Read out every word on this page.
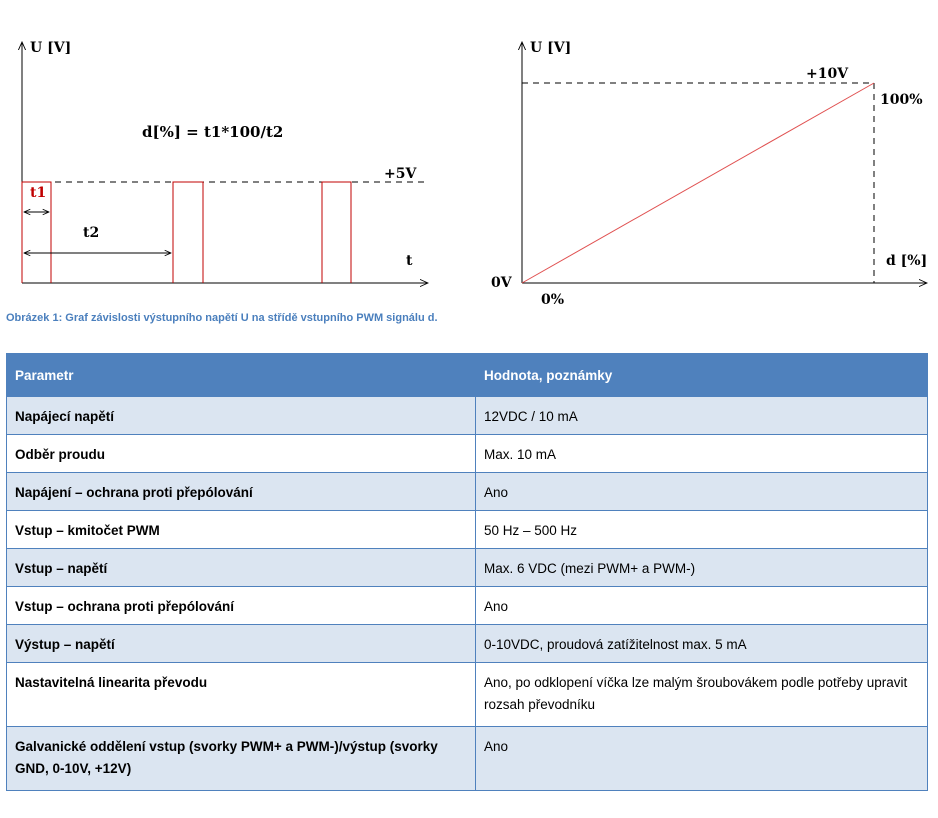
U [V]
t
d[%] = t1*100/t2
+5V
t1
t2
U [V]
d [%]
+10V
100%
0V
0%
Obrázek 1: Graf závislosti výstupního napětí U na střídě vstupního PWM signálu d.
Parametr	Hodnota, poznámky
Napájecí napětí	12VDC / 10 mA
Odběr proudu	Max. 10 mA
Napájení – ochrana proti přepólování	Ano
Vstup – kmitočet PWM	50 Hz – 500 Hz
Vstup – napětí	Max. 6 VDC (mezi PWM+ a PWM-)
Vstup – ochrana proti přepólování	Ano
Výstup – napětí	0-10VDC, proudová zatížitelnost max. 5 mA
Nastavitelná linearita převodu	Ano, po odklopení víčka lze malým šroubovákem podle potřeby upravit rozsah převodníku
Galvanické oddělení vstup (svorky PWM+ a PWM-)/výstup (svorky GND, 0-10V, +12V)	Ano
